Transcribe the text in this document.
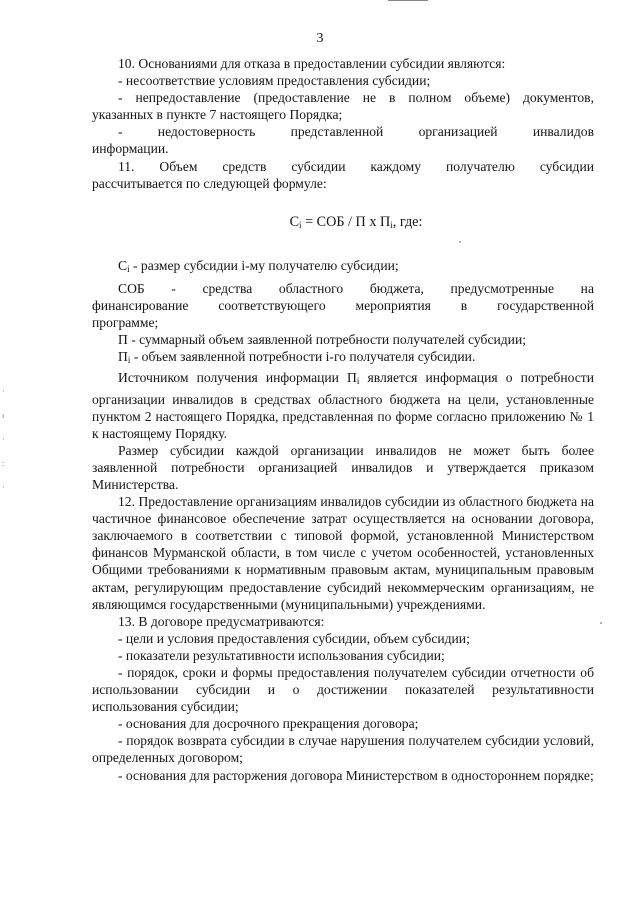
3
·
ı
·
:
·

10. Основаниями для отказа в предоставлении субсидии являются:

- несоответствие условиям предоставления субсидии;

- непредоставление (предоставление не в полном объеме) документов,

указанных в пункте 7 настоящего Порядка;

-      недостоверность      представленной      организацией      инвалидов

информации.

11.    Объем    средств    субсидии    каждому    получателю    субсидии

рассчитывается по следующей формуле:

$C_i$ = СОБ / П x $П_i$, где:

$C_i$ - размер субсидии i-му получателю субсидии;

СОБ   -   средства   областного   бюджета,   предусмотренные   на

финансирование   соответствующего   мероприятия   в   государственной

программе;

П - суммарный объем заявленной потребности получателей субсидии;

$П_i$ - объем заявленной потребности i-го получателя субсидии.

Источником получения информации $П_i$ является информация о потребности организации инвалидов в средствах областного бюджета на цели, установленные пунктом 2 настоящего Порядка, представленная по форме согласно приложению № 1 к настоящему Порядку.

Размер субсидии каждой организации инвалидов не может быть более заявленной потребности организацией инвалидов и утверждается приказом Министерства.

12. Предоставление организациям инвалидов субсидии из областного бюджета на частичное финансовое обеспечение затрат осуществляется на основании договора, заключаемого в соответствии с типовой формой, установленной Министерством финансов Мурманской области, в том числе с учетом особенностей, установленных Общими требованиями к нормативным правовым актам, муниципальным правовым актам, регулирующим предоставление субсидий некоммерческим организациям, не являющимся государственными (муниципальными) учреждениями.

13. В договоре предусматриваются:

- цели и условия предоставления субсидии, объем субсидии;

- показатели результативности использования субсидии;

- порядок, сроки и формы предоставления получателем субсидии отчетности об использовании субсидии и о достижении показателей результативности использования субсидии;

- основания для досрочного прекращения договора;

- порядок возврата субсидии в случае нарушения получателем субсидии условий, определенных договором;

- основания для расторжения договора Министерством в одностороннем порядке;
